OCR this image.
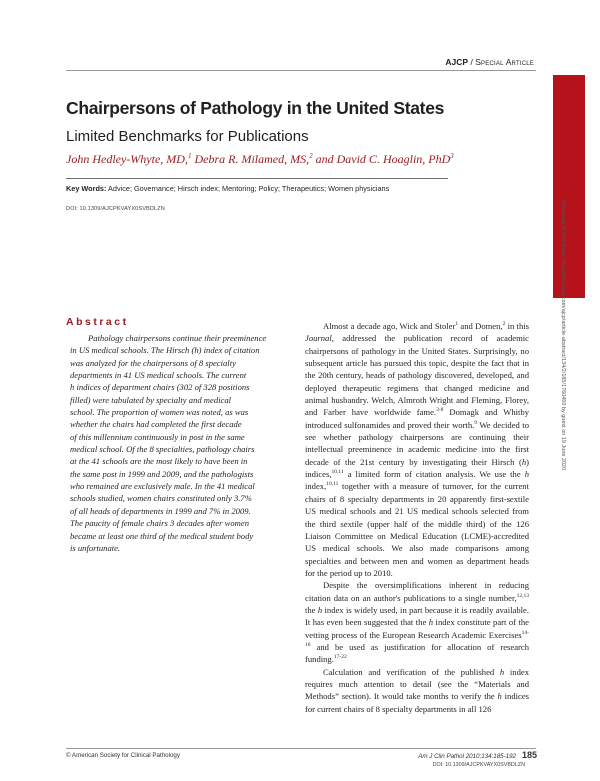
AJCP / Special Article
Chairpersons of Pathology in the United States
Limited Benchmarks for Publications
John Hedley-Whyte, MD,$^1$ Debra R. Milamed, MS,$^2$ and David C. Hoaglin, PhD$^3$
Key Words: Advice; Governance; Hirsch index; Mentoring; Policy; Therapeutics; Women physicians
DOI: 10.1309/AJCPKVAYX0SVBDLZN	Downloaded from https://academic.oup.com/ajcp/article-abstract/134/2/185/1760450 by guest on 19 June 2020
Abstract
Pathology chairpersons continue their preeminence
in US medical schools. The Hirsch (h) index of citation
was analyzed for the chairpersons of 8 specialty
departments in 41 US medical schools. The current
h indices of department chairs (302 of 328 positions
filled) were tabulated by specialty and medical
school. The proportion of women was noted, as was
whether the chairs had completed the first decade
of this millennium continuously in post in the same
medical school. Of the 8 specialties, pathology chairs
at the 41 schools are the most likely to have been in
the same post in 1999 and 2009, and the pathologists
who remained are exclusively male. In the 41 medical
schools studied, women chairs constituted only 3.7%
of all heads of departments in 1999 and 7% in 2009.
The paucity of female chairs 3 decades after women
became at least one third of the medical student body
is unfortunate.

Almost a decade ago, Wick and Stoler$^1$ and Domen,$^2$ in this Journal, addressed the publication record of academic chairpersons of pathology in the United States. Surprisingly, no subsequent article has pursued this topic, despite the fact that in the 20th century, heads of pathology discovered, developed, and deployed therapeutic regimens that changed medicine and animal husbandry. Welch, Almroth Wright and Fleming, Florey, and Farber have worldwide fame.$^{3-8}$ Domagk and Whitby introduced sulfonamides and proved their worth.$^9$ We decided to see whether pathology chairpersons are continuing their intellectual preeminence in academic medicine into the first decade of the 21st century by investigating their Hirsch (h) indices,$^{10,11}$ a limited form of citation analysis. We use the h index,$^{10,11}$ together with a measure of turnover, for the current chairs of 8 specialty departments in 20 apparently first-sextile US medical schools and 21 US medical schools selected from the third sextile (upper half of the middle third) of the 126 Liaison Committee on Medical Education (LCME)-accredited US medical schools. We also made comparisons among specialties and between men and women as department heads for the period up to 2010.

Despite the oversimplifications inherent in reducing citation data on an author's publications to a single number,$^{12,13}$ the h index is widely used, in part because it is readily available. It has even been suggested that the h index constitute part of the vetting process of the European Research Academic Exercises$^{14-16}$ and be used as justification for allocation of research funding.$^{17-22}$

Calculation and verification of the published h index requires much attention to detail (see the “Materials and Methods” section). It would take months to verify the h indices for current chairs of 8 specialty departments in all 126

© American Society for Clinical Pathology	Am J Clin Pathol 2010;134:185-192 185
DOI: 10.1309/AJCPKVAYX0SVBDLZN
